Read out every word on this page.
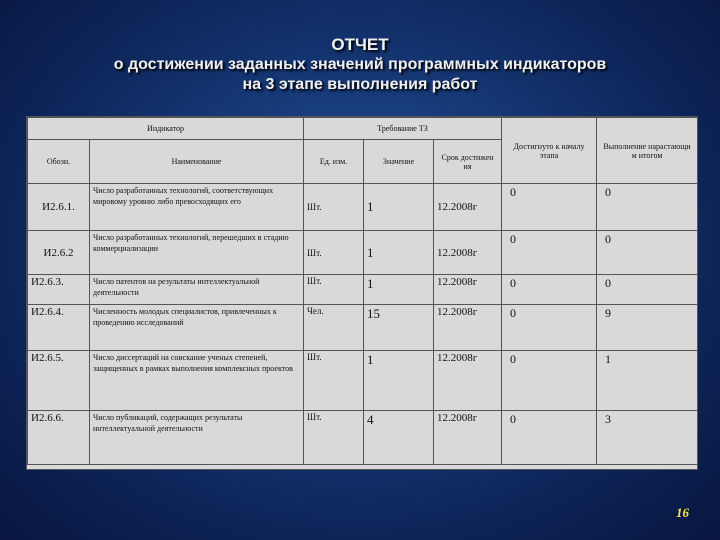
ОТЧЕТ
о достижении заданных значений программных индикаторов
на 3 этапе выполнения работ
Индикатор		Требование ТЗ			Достигнуто к началу этапа	Выполнение нарастающи м итогом
Обозн.	Наименование	Ед. изм.	Значение	Срок достижен ия		
И2.6.1.	Число разработанных технологий, соответствующих мировому уровню либо превосходящих его	Шт.	1	12.2008г	0	0
И2.6.2	Число разработанных технологий, перешедших в стадию коммерциализации	Шт.	1	12.2008г	0	0
И2.6.3.	Число патентов на результаты интеллектуальной деятельности	Шт.	1	12.2008г	0	0
И2.6.4.	Численность молодых специалистов, привлеченных к проведению исследований	Чел.	15	12.2008г	0	9
И2.6.5.	Число диссертаций на соискание ученых степеней, защищенных в рамках выполнения комплексных проектов	Шт.	1	12.2008г	0	1
И2.6.6.	Число публикаций, содержащих результаты интеллектуальной деятельности	Шт.	4	12.2008г	0	3
16
